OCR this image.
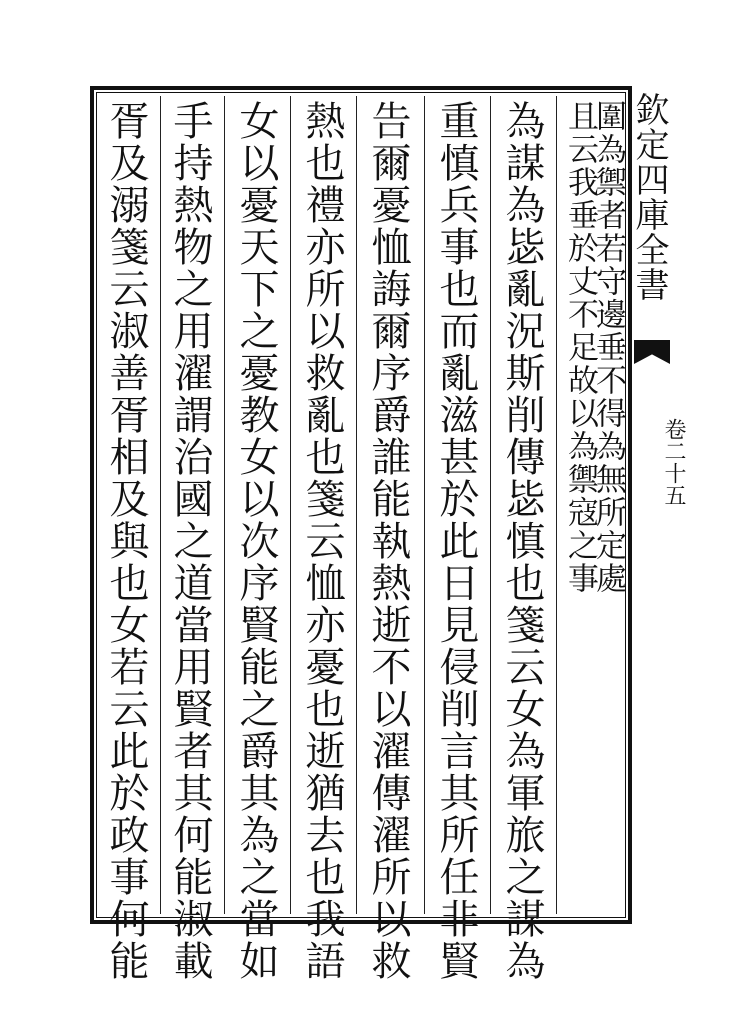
欽定四庫全書
卷二十五
且云我垂於丈不足故以為禦寇之事
圍為禦者若守邊垂不得為無所定處
為謀為毖亂況斯削傳毖慎也箋云女為軍旅之謀為
重慎兵事也而亂滋甚於此日見侵削言其所任非賢
告爾憂恤誨爾序爵誰能執熱逝不以濯傳濯所以救
熱也禮亦所以救亂也箋云恤亦憂也逝猶去也我語
女以憂天下之憂教女以次序賢能之爵其為之當如
手持熱物之用濯謂治國之道當用賢者其何能淑載
胥及溺箋云淑善胥相及與也女若云此於政事何能
